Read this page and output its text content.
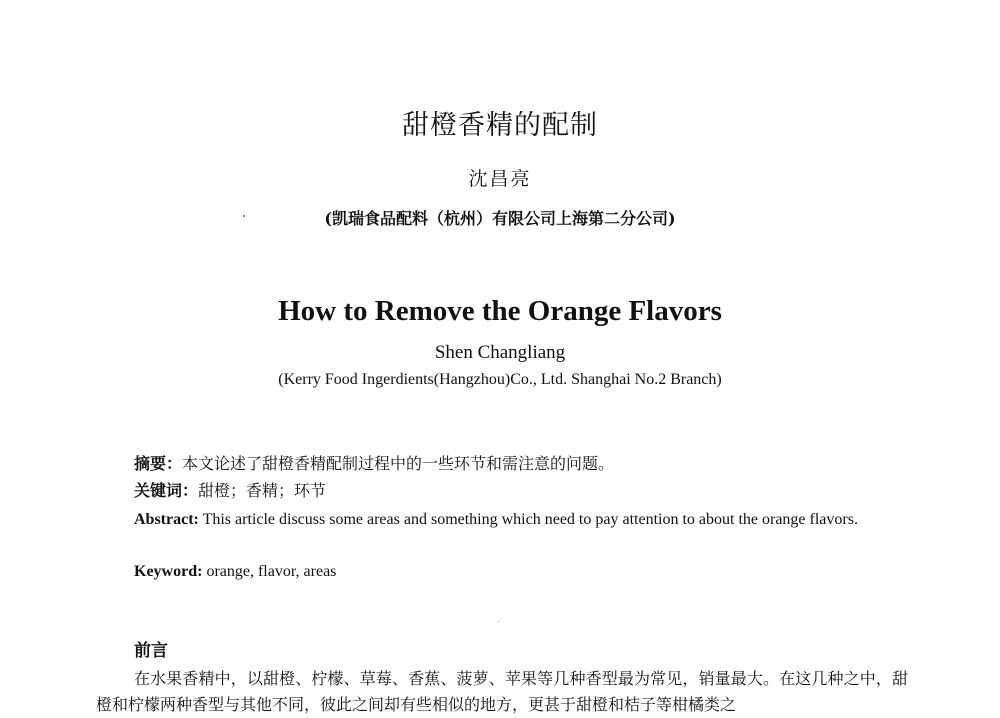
甜橙香精的配制
沈昌亮
(凯瑞食品配料（杭州）有限公司上海第二分公司)
How to Remove the Orange Flavors
Shen Changliang
(Kerry Food Ingerdients(Hangzhou)Co., Ltd. Shanghai No.2 Branch)
摘要：本文论述了甜橙香精配制过程中的一些环节和需注意的问题。
关键词：甜橙；香精；环节
Abstract: This article discuss some areas and something which need to pay attention to about the orange flavors.
Keyword: orange, flavor, areas
前言
在水果香精中，以甜橙、柠檬、草莓、香蕉、菠萝、苹果等几种香型最为常见，销量最大。在这几种之中，甜橙和柠檬两种香型与其他不同，彼此之间却有些相似的地方，更甚于甜橙和桔子等柑橘类之
